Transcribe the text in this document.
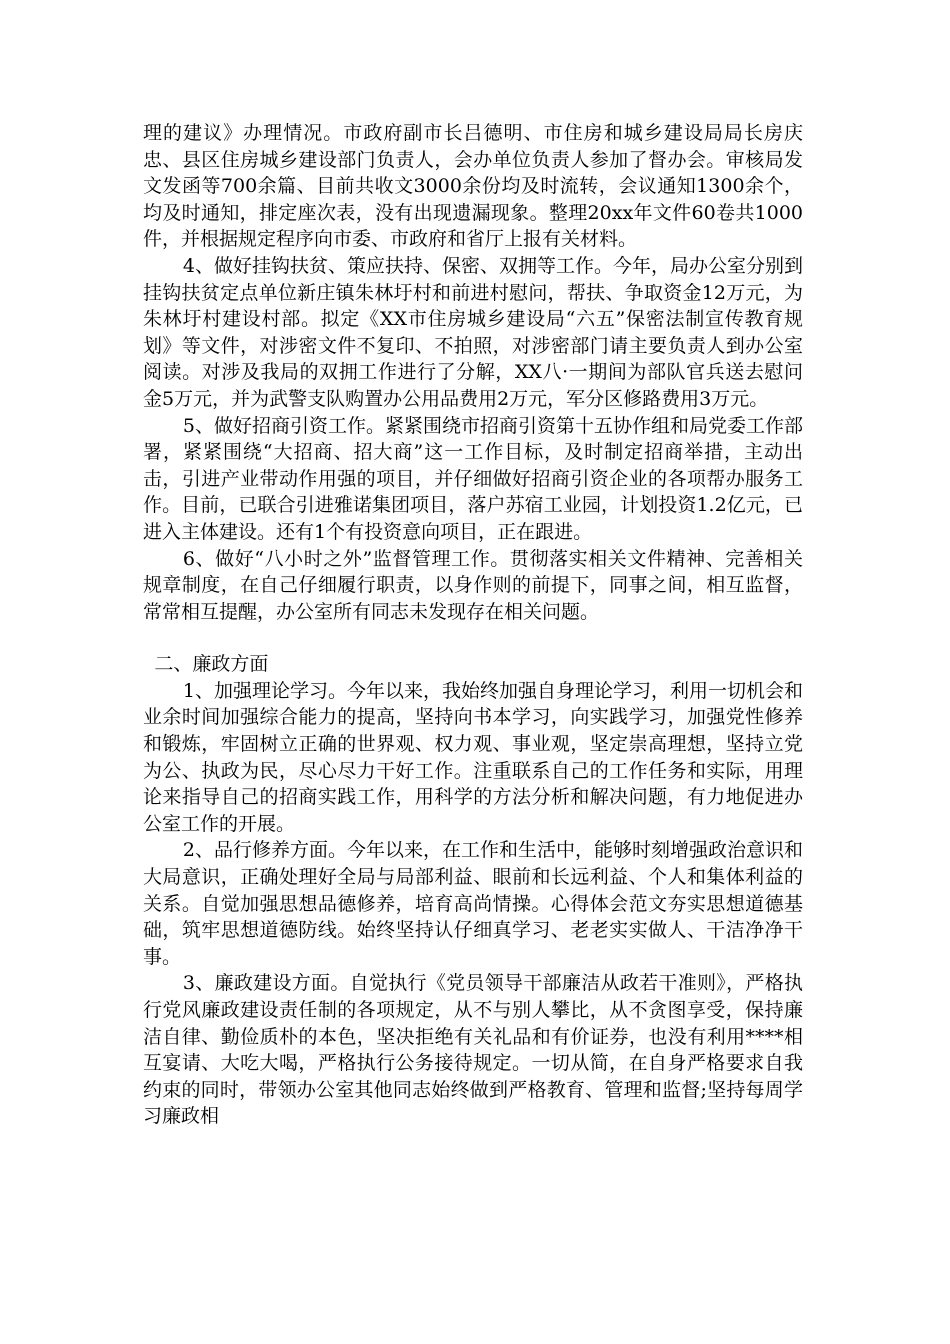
理的建议》办理情况。市政府副市长吕德明、市住房和城乡建设局局长房庆忠、县区住房城乡建设部门负责人，会办单位负责人参加了督办会。审核局发文发函等700余篇、目前共收文3000余份均及时流转，会议通知1300余个，均及时通知，排定座次表，没有出现遗漏现象。整理20xx年文件60卷共1000件，并根据规定程序向市委、市政府和省厅上报有关材料。

4、做好挂钩扶贫、策应扶持、保密、双拥等工作。今年，局办公室分别到挂钩扶贫定点单位新庄镇朱林圩村和前进村慰问，帮扶、争取资金12万元，为朱林圩村建设村部。拟定《XX市住房城乡建设局“六五”保密法制宣传教育规划》等文件，对涉密文件不复印、不拍照，对涉密部门请主要负责人到办公室阅读。对涉及我局的双拥工作进行了分解，XX八·一期间为部队官兵送去慰问金5万元，并为武警支队购置办公用品费用2万元，军分区修路费用3万元。

5、做好招商引资工作。紧紧围绕市招商引资第十五协作组和局党委工作部署，紧紧围绕“大招商、招大商”这一工作目标，及时制定招商举措，主动出击，引进产业带动作用强的项目，并仔细做好招商引资企业的各项帮办服务工作。目前，已联合引进雅诺集团项目，落户苏宿工业园，计划投资1.2亿元，已进入主体建设。还有1个有投资意向项目，正在跟进。

6、做好“八小时之外”监督管理工作。贯彻落实相关文件精神、完善相关规章制度，在自己仔细履行职责，以身作则的前提下，同事之间，相互监督，常常相互提醒，办公室所有同志未发现存在相关问题。

二、廉政方面

1、加强理论学习。今年以来，我始终加强自身理论学习，利用一切机会和业余时间加强综合能力的提高，坚持向书本学习，向实践学习，加强党性修养和锻炼，牢固树立正确的世界观、权力观、事业观，坚定崇高理想，坚持立党为公、执政为民，尽心尽力干好工作。注重联系自己的工作任务和实际，用理论来指导自己的招商实践工作，用科学的方法分析和解决问题，有力地促进办公室工作的开展。

2、品行修养方面。今年以来，在工作和生活中，能够时刻增强政治意识和大局意识，正确处理好全局与局部利益、眼前和长远利益、个人和集体利益的关系。自觉加强思想品德修养，培育高尚情操。心得体会范文夯实思想道德基础，筑牢思想道德防线。始终坚持认仔细真学习、老老实实做人、干洁净净干事。

3、廉政建设方面。自觉执行《党员领导干部廉洁从政若干准则》，严格执行党风廉政建设责任制的各项规定，从不与别人攀比，从不贪图享受，保持廉洁自律、勤俭质朴的本色，坚决拒绝有关礼品和有价证券，也没有利用****相互宴请、大吃大喝，严格执行公务接待规定。一切从简，在自身严格要求自我约束的同时，带领办公室其他同志始终做到严格教育、管理和监督;坚持每周学习廉政相
